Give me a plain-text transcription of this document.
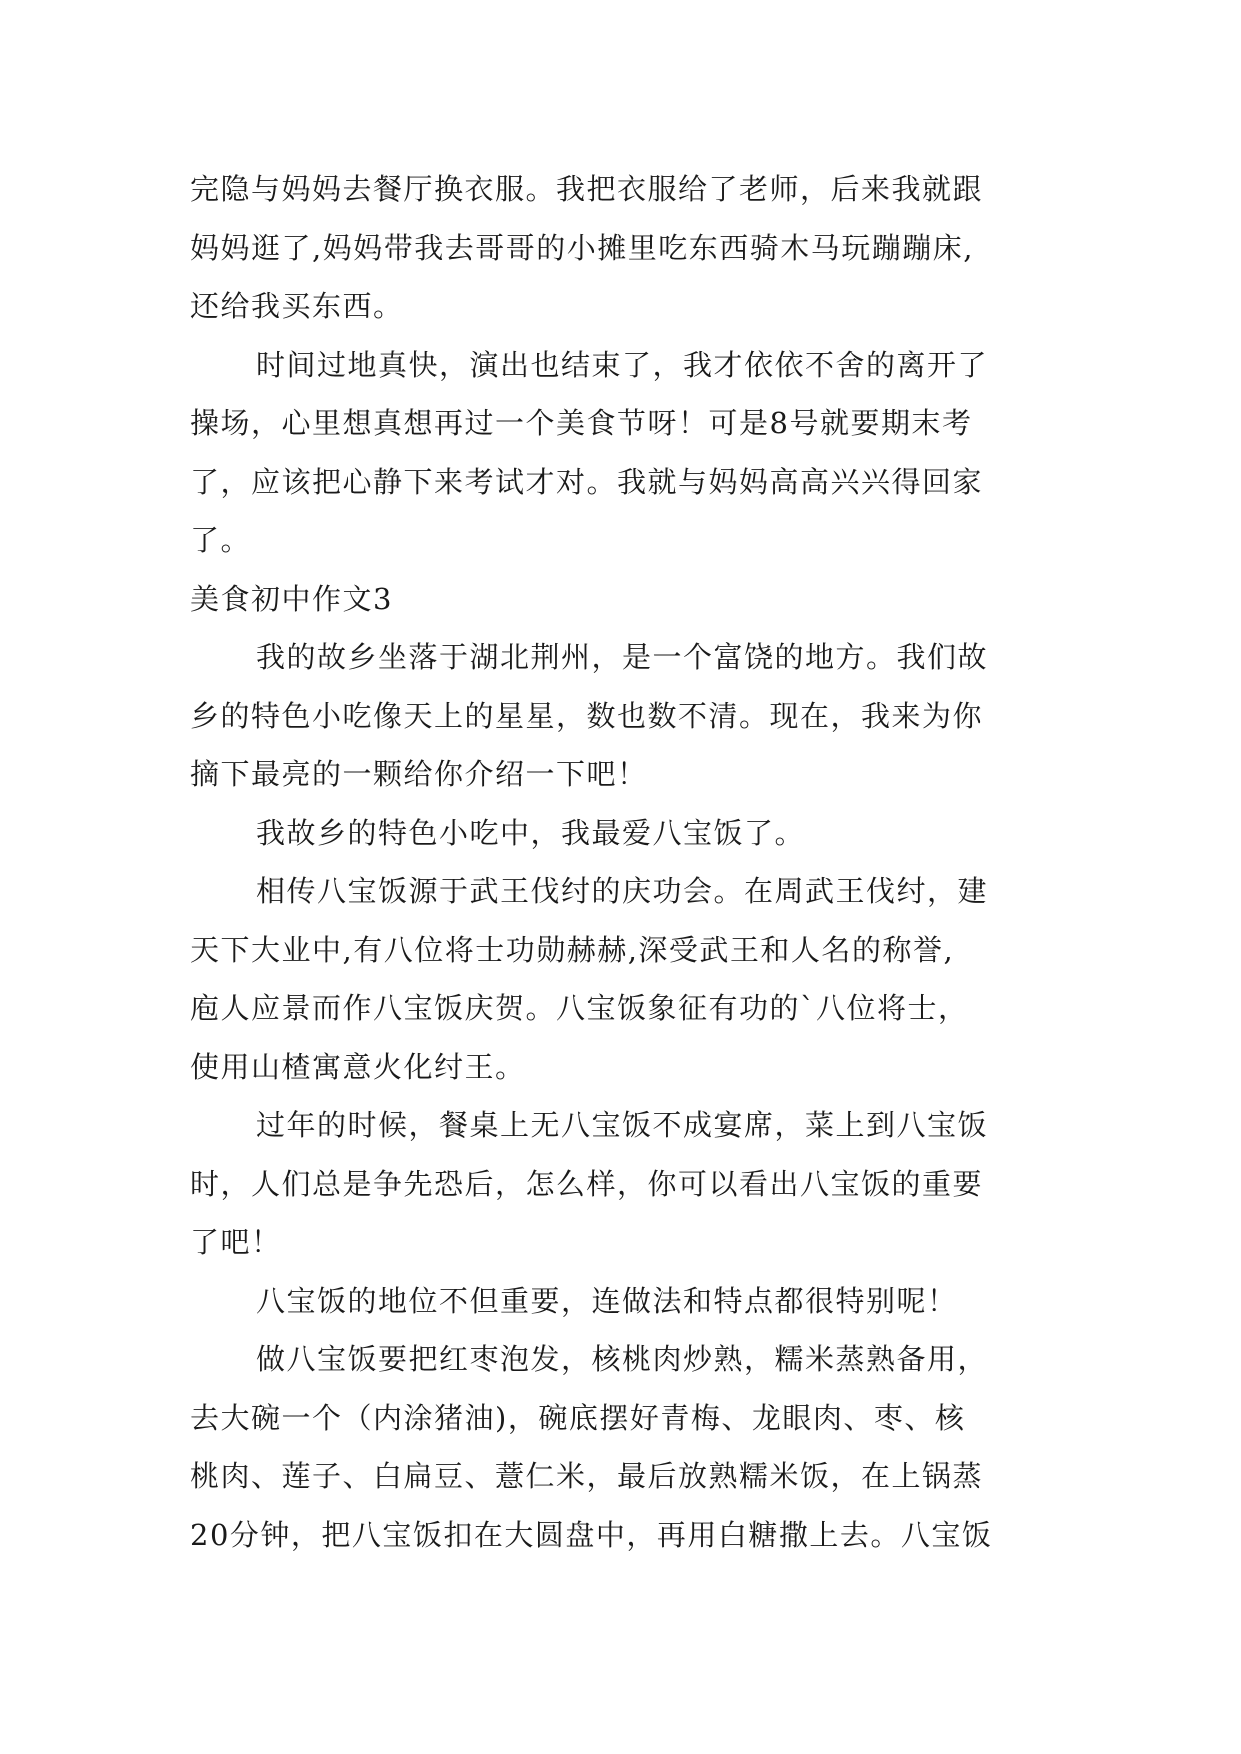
完隐与妈妈去餐厅换衣服。我把衣服给了老师，后来我就跟
妈妈逛了,妈妈带我去哥哥的小摊里吃东西骑木马玩蹦蹦床,
还给我买东西。
时间过地真快，演出也结束了，我才依依不舍的离开了
操场，心里想真想再过一个美食节呀！可是8号就要期末考
了，应该把心静下来考试才对。我就与妈妈高高兴兴得回家
了。
美食初中作文3
我的故乡坐落于湖北荆州，是一个富饶的地方。我们故
乡的特色小吃像天上的星星，数也数不清。现在，我来为你
摘下最亮的一颗给你介绍一下吧！
我故乡的特色小吃中，我最爱八宝饭了。
相传八宝饭源于武王伐纣的庆功会。在周武王伐纣，建
天下大业中,有八位将士功勋赫赫,深受武王和人名的称誉,
庖人应景而作八宝饭庆贺。八宝饭象征有功的`八位将士，
使用山楂寓意火化纣王。
过年的时候，餐桌上无八宝饭不成宴席，菜上到八宝饭
时，人们总是争先恐后，怎么样，你可以看出八宝饭的重要
了吧！
八宝饭的地位不但重要，连做法和特点都很特别呢！
做八宝饭要把红枣泡发，核桃肉炒熟，糯米蒸熟备用，
去大碗一个（内涂猪油)，碗底摆好青梅、龙眼肉、枣、核
桃肉、莲子、白扁豆、薏仁米，最后放熟糯米饭，在上锅蒸
20分钟，把八宝饭扣在大圆盘中，再用白糖撒上去。八宝饭
